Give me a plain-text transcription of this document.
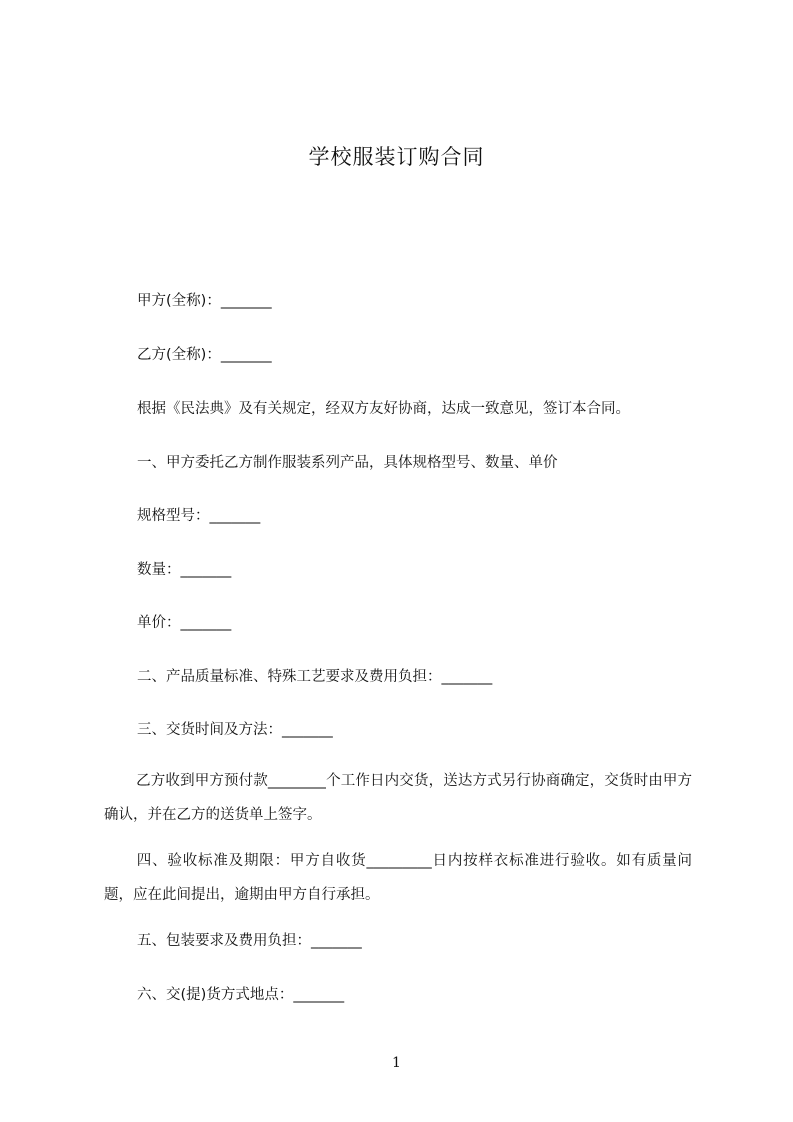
学校服装订购合同
甲方(全称)：_______
乙方(全称)：_______
根据《民法典》及有关规定，经双方友好协商，达成一致意见，签订本合同。
一、甲方委托乙方制作服装系列产品，具体规格型号、数量、单价
规格型号：_______
数量：_______
单价：_______
二、产品质量标准、特殊工艺要求及费用负担：_______
三、交货时间及方法：_______
乙方收到甲方预付款________个工作日内交货，送达方式另行协商确定，交货时由甲方确认，并在乙方的送货单上签字。
四、验收标准及期限：甲方自收货_________日内按样衣标准进行验收。如有质量问题，应在此间提出，逾期由甲方自行承担。
五、包装要求及费用负担：_______
六、交(提)货方式地点：_______
1
